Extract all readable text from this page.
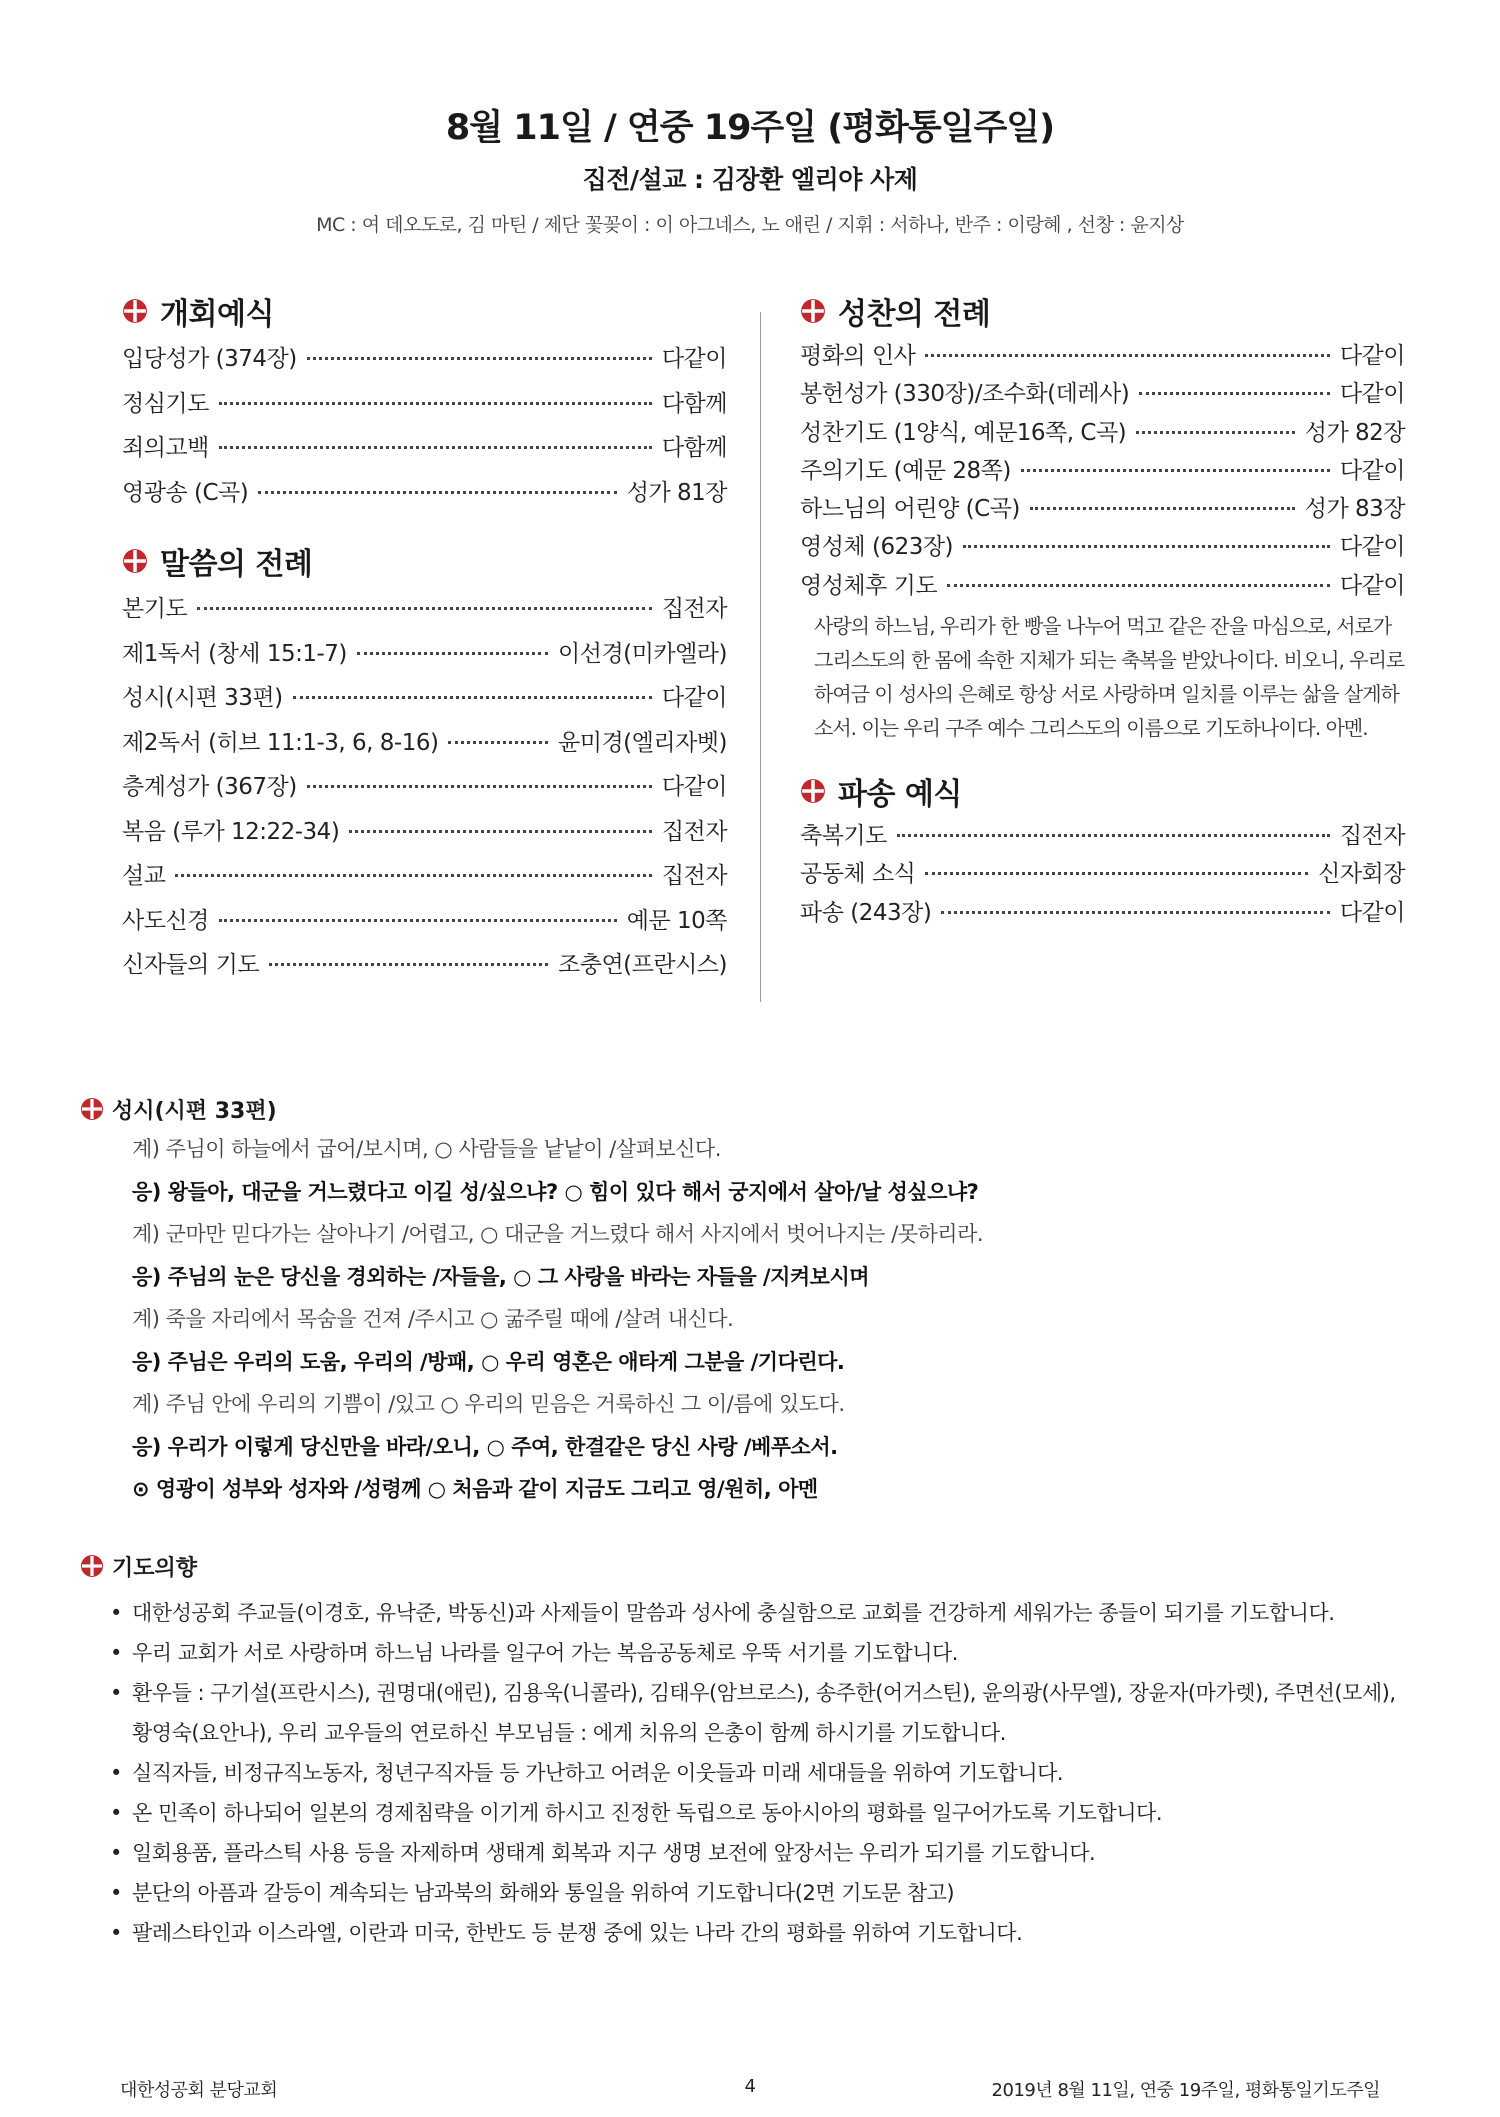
8월 11일 / 연중 19주일 (평화통일주일)
집전/설교 : 김장환 엘리야 사제
MC : 여 데오도로, 김 마틴 / 제단 꽃꽂이 : 이 아그네스, 노 애린 / 지휘 : 서하나, 반주 : 이랑혜 , 선창 : 윤지상
개회예식
입당성가 (374장)	다같이
정심기도	다함께
죄의고백	다함께
영광송 (C곡)	성가 81장
말씀의 전례
본기도	집전자
제1독서 (창세 15:1-7)	이선경(미카엘라)
성시(시편 33편)	다같이
제2독서 (히브 11:1-3, 6, 8-16)	윤미경(엘리자벳)
층계성가 (367장)	다같이
복음 (루가 12:22-34)	집전자
설교	집전자
사도신경	예문 10쪽
신자들의 기도	조충연(프란시스)
성찬의 전례
평화의 인사	다같이
봉헌성가 (330장)/조수화(데레사)	다같이
성찬기도 (1양식, 예문16쪽, C곡)	성가 82장
주의기도 (예문 28쪽)	다같이
하느님의 어린양 (C곡)	성가 83장
영성체 (623장)	다같이
영성체후 기도	다같이
사랑의 하느님, 우리가 한 빵을 나누어 먹고 같은 잔을 마심으로, 서로가 그리스도의 한 몸에 속한 지체가 되는 축복을 받았나이다. 비오니, 우리로 하여금 이 성사의 은혜로 항상 서로 사랑하며 일치를 이루는 삶을 살게하소서. 이는 우리 구주 예수 그리스도의 이름으로 기도하나이다. 아멘.
파송 예식
축복기도	집전자
공동체 소식	신자회장
파송 (243장)	다같이
성시(시편 33편)
계) 주님이 하늘에서 굽어/보시며, ○ 사람들을 낱낱이 /살펴보신다.
응) 왕들아, 대군을 거느렸다고 이길 성/싶으냐? ○ 힘이 있다 해서 궁지에서 살아/날 성싶으냐?
계) 군마만 믿다가는 살아나기 /어렵고, ○ 대군을 거느렸다 해서 사지에서 벗어나지는 /못하리라.
응) 주님의 눈은 당신을 경외하는 /자들을, ○ 그 사랑을 바라는 자들을 /지켜보시며
계) 죽을 자리에서 목숨을 건져 /주시고 ○ 굶주릴 때에 /살려 내신다.
응) 주님은 우리의 도움, 우리의 /방패, ○ 우리 영혼은 애타게 그분을 /기다린다.
계) 주님 안에 우리의 기쁨이 /있고 ○ 우리의 믿음은 거룩하신 그 이/름에 있도다.
응) 우리가 이렇게 당신만을 바라/오니, ○ 주여, 한결같은 당신 사랑 /베푸소서.
⊙ 영광이 성부와 성자와 /성령께 ○ 처음과 같이 지금도 그리고 영/원히, 아멘
기도의향
• 대한성공회 주교들(이경호, 유낙준, 박동신)과 사제들이 말씀과 성사에 충실함으로 교회를 건강하게 세워가는 종들이 되기를 기도합니다.
• 우리 교회가 서로 사랑하며 하느님 나라를 일구어 가는 복음공동체로 우뚝 서기를 기도합니다.
• 환우들 : 구기설(프란시스), 권명대(애린), 김용욱(니콜라), 김태우(암브로스), 송주한(어거스틴), 윤의광(사무엘), 장윤자(마가렛), 주면선(모세), 황영숙(요안나), 우리 교우들의 연로하신 부모님들 : 에게 치유의 은총이 함께 하시기를 기도합니다.
• 실직자들, 비정규직노동자, 청년구직자들 등 가난하고 어려운 이웃들과 미래 세대들을 위하여 기도합니다.
• 온 민족이 하나되어 일본의 경제침략을 이기게 하시고 진정한 독립으로 동아시아의 평화를 일구어가도록 기도합니다.
• 일회용품, 플라스틱 사용 등을 자제하며 생태계 회복과 지구 생명 보전에 앞장서는 우리가 되기를 기도합니다.
• 분단의 아픔과 갈등이 계속되는 남과북의 화해와 통일을 위하여 기도합니다(2면 기도문 참고)
• 팔레스타인과 이스라엘, 이란과 미국, 한반도 등 분쟁 중에 있는 나라 간의 평화를 위하여 기도합니다.
대한성공회 분당교회	4	2019년 8월 11일, 연중 19주일, 평화통일기도주일
